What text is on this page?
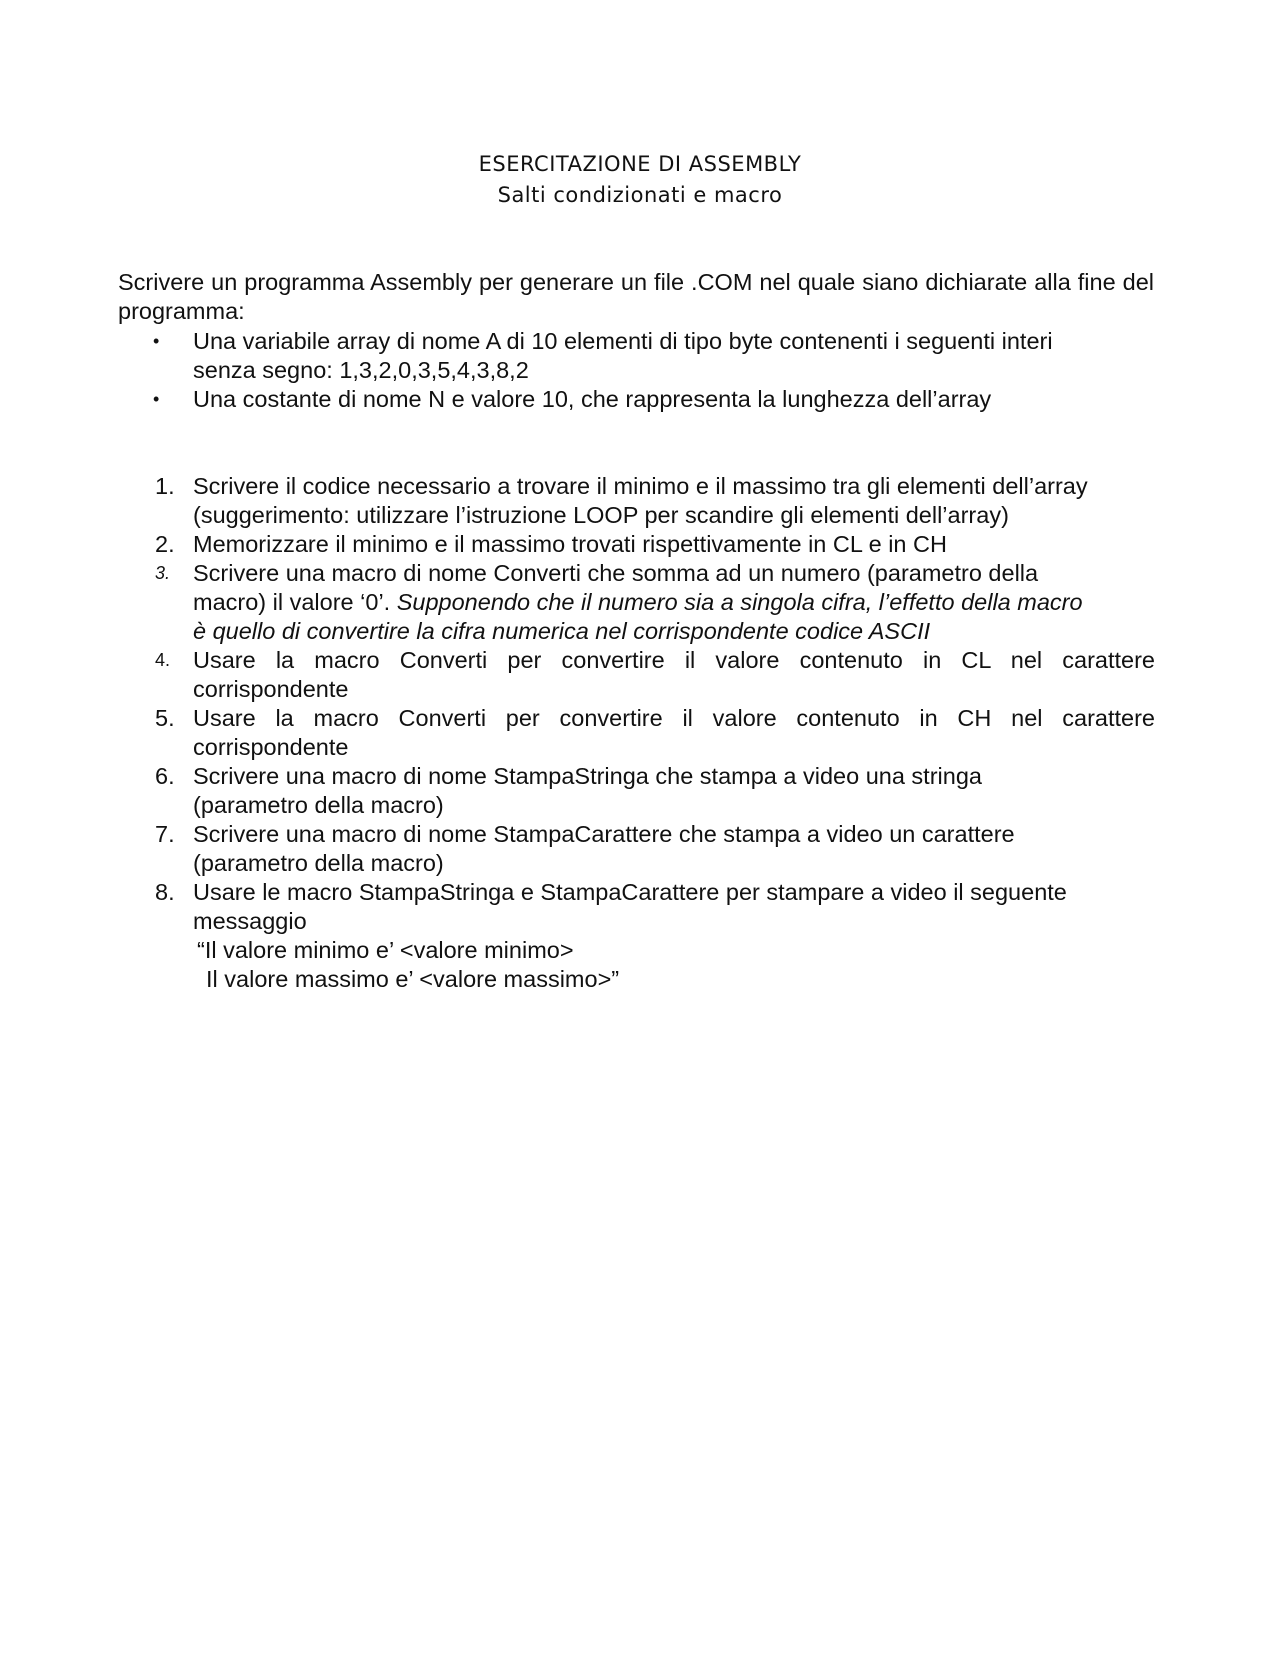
ESERCITAZIONE DI ASSEMBLY
Salti condizionati e macro
Scrivere un programma Assembly per generare un file .COM nel quale siano dichiarate alla fine del programma:
• Una variabile array di nome A di 10 elementi di tipo byte contenenti i seguenti interi
senza segno: 1,3,2,0,3,5,4,3,8,2
• Una costante di nome N e valore 10, che rappresenta la lunghezza dell’array
1. Scrivere il codice necessario a trovare il minimo e il massimo tra gli elementi dell’array
(suggerimento: utilizzare l’istruzione LOOP per scandire gli elementi dell’array)
2. Memorizzare il minimo e il massimo trovati rispettivamente in CL e in CH
3. Scrivere una macro di nome Converti che somma ad un numero (parametro della
macro) il valore ‘0’. Supponendo che il numero sia a singola cifra, l’effetto della macro
è quello di convertire la cifra numerica nel corrispondente codice ASCII
4. Usare la macro Converti per convertire il valore contenuto in CL nel carattere
corrispondente
5. Usare la macro Converti per convertire il valore contenuto in CH nel carattere
corrispondente
6. Scrivere una macro di nome StampaStringa che stampa a video una stringa
(parametro della macro)
7. Scrivere una macro di nome StampaCarattere che stampa a video un carattere
(parametro della macro)
8. Usare le macro StampaStringa e StampaCarattere per stampare a video il seguente
messaggio
“Il valore minimo e’ <valore minimo>
Il valore massimo e’ <valore massimo>”
